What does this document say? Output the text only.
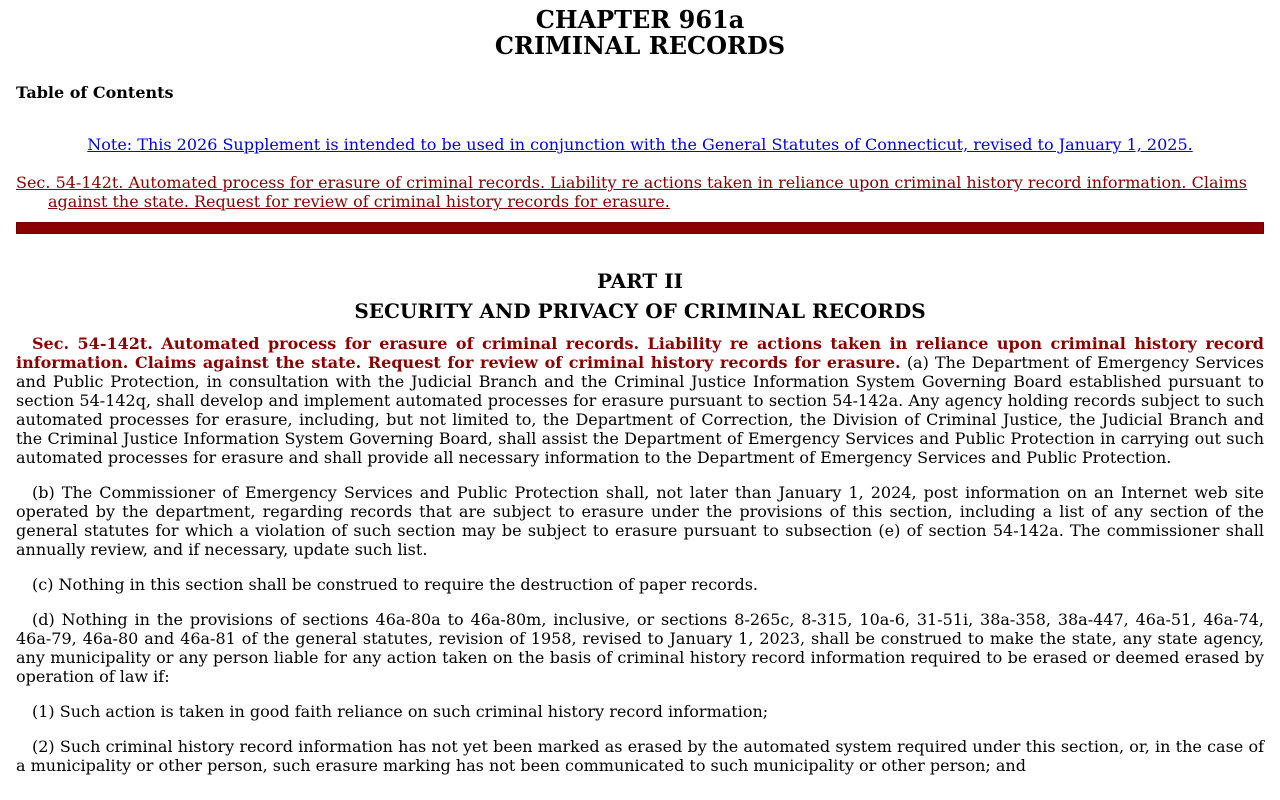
CHAPTER 961a
CRIMINAL RECORDS
Table of Contents
Note: This 2026 Supplement is intended to be used in conjunction with the General Statutes of Connecticut, revised to January 1, 2025.
Sec. 54-142t. Automated process for erasure of criminal records. Liability re actions taken in reliance upon criminal history record information. Claims against the state. Request for review of criminal history records for erasure.
PART II
SECURITY AND PRIVACY OF CRIMINAL RECORDS

Sec. 54-142t. Automated process for erasure of criminal records. Liability re actions taken in reliance upon criminal history record information. Claims against the state. Request for review of criminal history records for erasure. (a) The Department of Emergency Services and Public Protection, in consultation with the Judicial Branch and the Criminal Justice Information System Governing Board established pursuant to section 54-142q, shall develop and implement automated processes for erasure pursuant to section 54-142a. Any agency holding records subject to such automated processes for erasure, including, but not limited to, the Department of Correction, the Division of Criminal Justice, the Judicial Branch and the Criminal Justice Information System Governing Board, shall assist the Department of Emergency Services and Public Protection in carrying out such automated processes for erasure and shall provide all necessary information to the Department of Emergency Services and Public Protection.

(b) The Commissioner of Emergency Services and Public Protection shall, not later than January 1, 2024, post information on an Internet web site operated by the department, regarding records that are subject to erasure under the provisions of this section, including a list of any section of the general statutes for which a violation of such section may be subject to erasure pursuant to subsection (e) of section 54-142a. The commissioner shall annually review, and if necessary, update such list.

(c) Nothing in this section shall be construed to require the destruction of paper records.

(d) Nothing in the provisions of sections 46a-80a to 46a-80m, inclusive, or sections 8-265c, 8-315, 10a-6, 31-51i, 38a-358, 38a-447, 46a-51, 46a-74, 46a-79, 46a-80 and 46a-81 of the general statutes, revision of 1958, revised to January 1, 2023, shall be construed to make the state, any state agency, any municipality or any person liable for any action taken on the basis of criminal history record information required to be erased or deemed erased by operation of law if:

(1) Such action is taken in good faith reliance on such criminal history record information;

(2) Such criminal history record information has not yet been marked as erased by the automated system required under this section, or, in the case of a municipality or other person, such erasure marking has not been communicated to such municipality or other person; and
